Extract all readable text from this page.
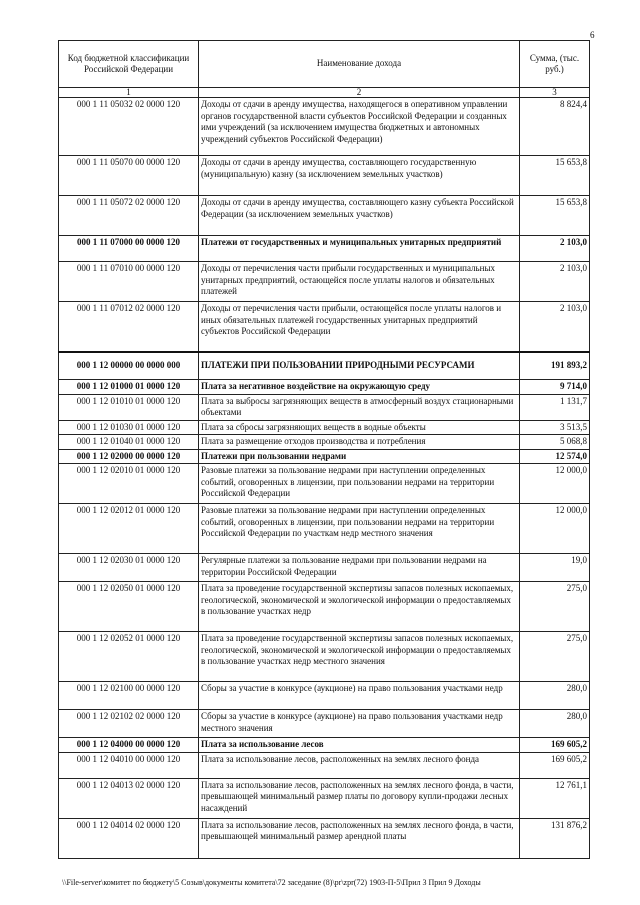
6
Код бюджетной классификации Российской Федерации	Наименование дохода	Сумма, (тыс. руб.)
1	2	3
000 1 11 05032 02 0000 120	Доходы от сдачи в аренду имущества, находящегося в оперативном управлении органов государственной власти субъектов Российской Федерации и созданных ими учреждений (за исключением имущества бюджетных и автономных учреждений субъектов Российской Федерации)	8 824,4
000 1 11 05070 00 0000 120	Доходы от сдачи в аренду имущества, составляющего государственную (муниципальную) казну (за исключением земельных участков)	15 653,8
000 1 11 05072 02 0000 120	Доходы от сдачи в аренду имущества, составляющего казну субъекта Российской Федерации (за исключением земельных участков)	15 653,8
000 1 11 07000 00 0000 120	Платежи от государственных и муниципальных унитарных предприятий	2 103,0
000 1 11 07010 00 0000 120	Доходы от перечисления части прибыли государственных и муниципальных унитарных предприятий, остающейся после уплаты налогов и обязательных платежей	2 103,0
000 1 11 07012 02 0000 120	Доходы от перечисления части прибыли, остающейся после уплаты налогов и иных обязательных платежей государственных унитарных предприятий субъектов Российской Федерации	2 103,0
000 1 12 00000 00 0000 000	ПЛАТЕЖИ ПРИ ПОЛЬЗОВАНИИ ПРИРОДНЫМИ РЕСУРСАМИ	191 893,2
000 1 12 01000 01 0000 120	Плата за негативное воздействие на окружающую среду	9 714,0
000 1 12 01010 01 0000 120	Плата за выбросы загрязняющих веществ в атмосферный воздух стационарными объектами	1 131,7
000 1 12 01030 01 0000 120	Плата за сбросы загрязняющих веществ в водные объекты	3 513,5
000 1 12 01040 01 0000 120	Плата за размещение отходов производства и потребления	5 068,8
000 1 12 02000 00 0000 120	Платежи при пользовании недрами	12 574,0
000 1 12 02010 01 0000 120	Разовые платежи за пользование недрами при наступлении определенных событий, оговоренных в лицензии, при пользовании недрами на территории Российской Федерации	12 000,0
000 1 12 02012 01 0000 120	Разовые платежи за пользование недрами при наступлении определенных событий, оговоренных в лицензии, при пользовании недрами на территории Российской Федерации по участкам недр местного значения	12 000,0
000 1 12 02030 01 0000 120	Регулярные платежи за пользование недрами при пользовании недрами на территории Российской Федерации	19,0
000 1 12 02050 01 0000 120	Плата за проведение государственной экспертизы запасов полезных ископаемых, геологической, экономической и экологической информации о предоставляемых в пользование участках недр	275,0
000 1 12 02052 01 0000 120	Плата за проведение государственной экспертизы запасов полезных ископаемых, геологической, экономической и экологической информации о предоставляемых в пользование участках недр местного значения	275,0
000 1 12 02100 00 0000 120	Сборы за участие в конкурсе (аукционе) на право пользования участками недр	280,0
000 1 12 02102 02 0000 120	Сборы за участие в конкурсе (аукционе) на право пользования участками недр местного значения	280,0
000 1 12 04000 00 0000 120	Плата за использование лесов	169 605,2
000 1 12 04010 00 0000 120	Плата за использование лесов, расположенных на землях лесного фонда	169 605,2
000 1 12 04013 02 0000 120	Плата за использование лесов, расположенных на землях лесного фонда, в части, превышающей минимальный размер платы по договору купли-продажи лесных насаждений	12 761,1
000 1 12 04014 02 0000 120	Плата за использование лесов, расположенных на землях лесного фонда, в части, превышающей минимальный размер арендной платы	131 876,2
\\File-server\комитет по бюджету\5 Созыв\документы комитета\72 заседание (8)\pr\zpr(72) 1903-П-5\Прил 3 Прил 9 Доходы
